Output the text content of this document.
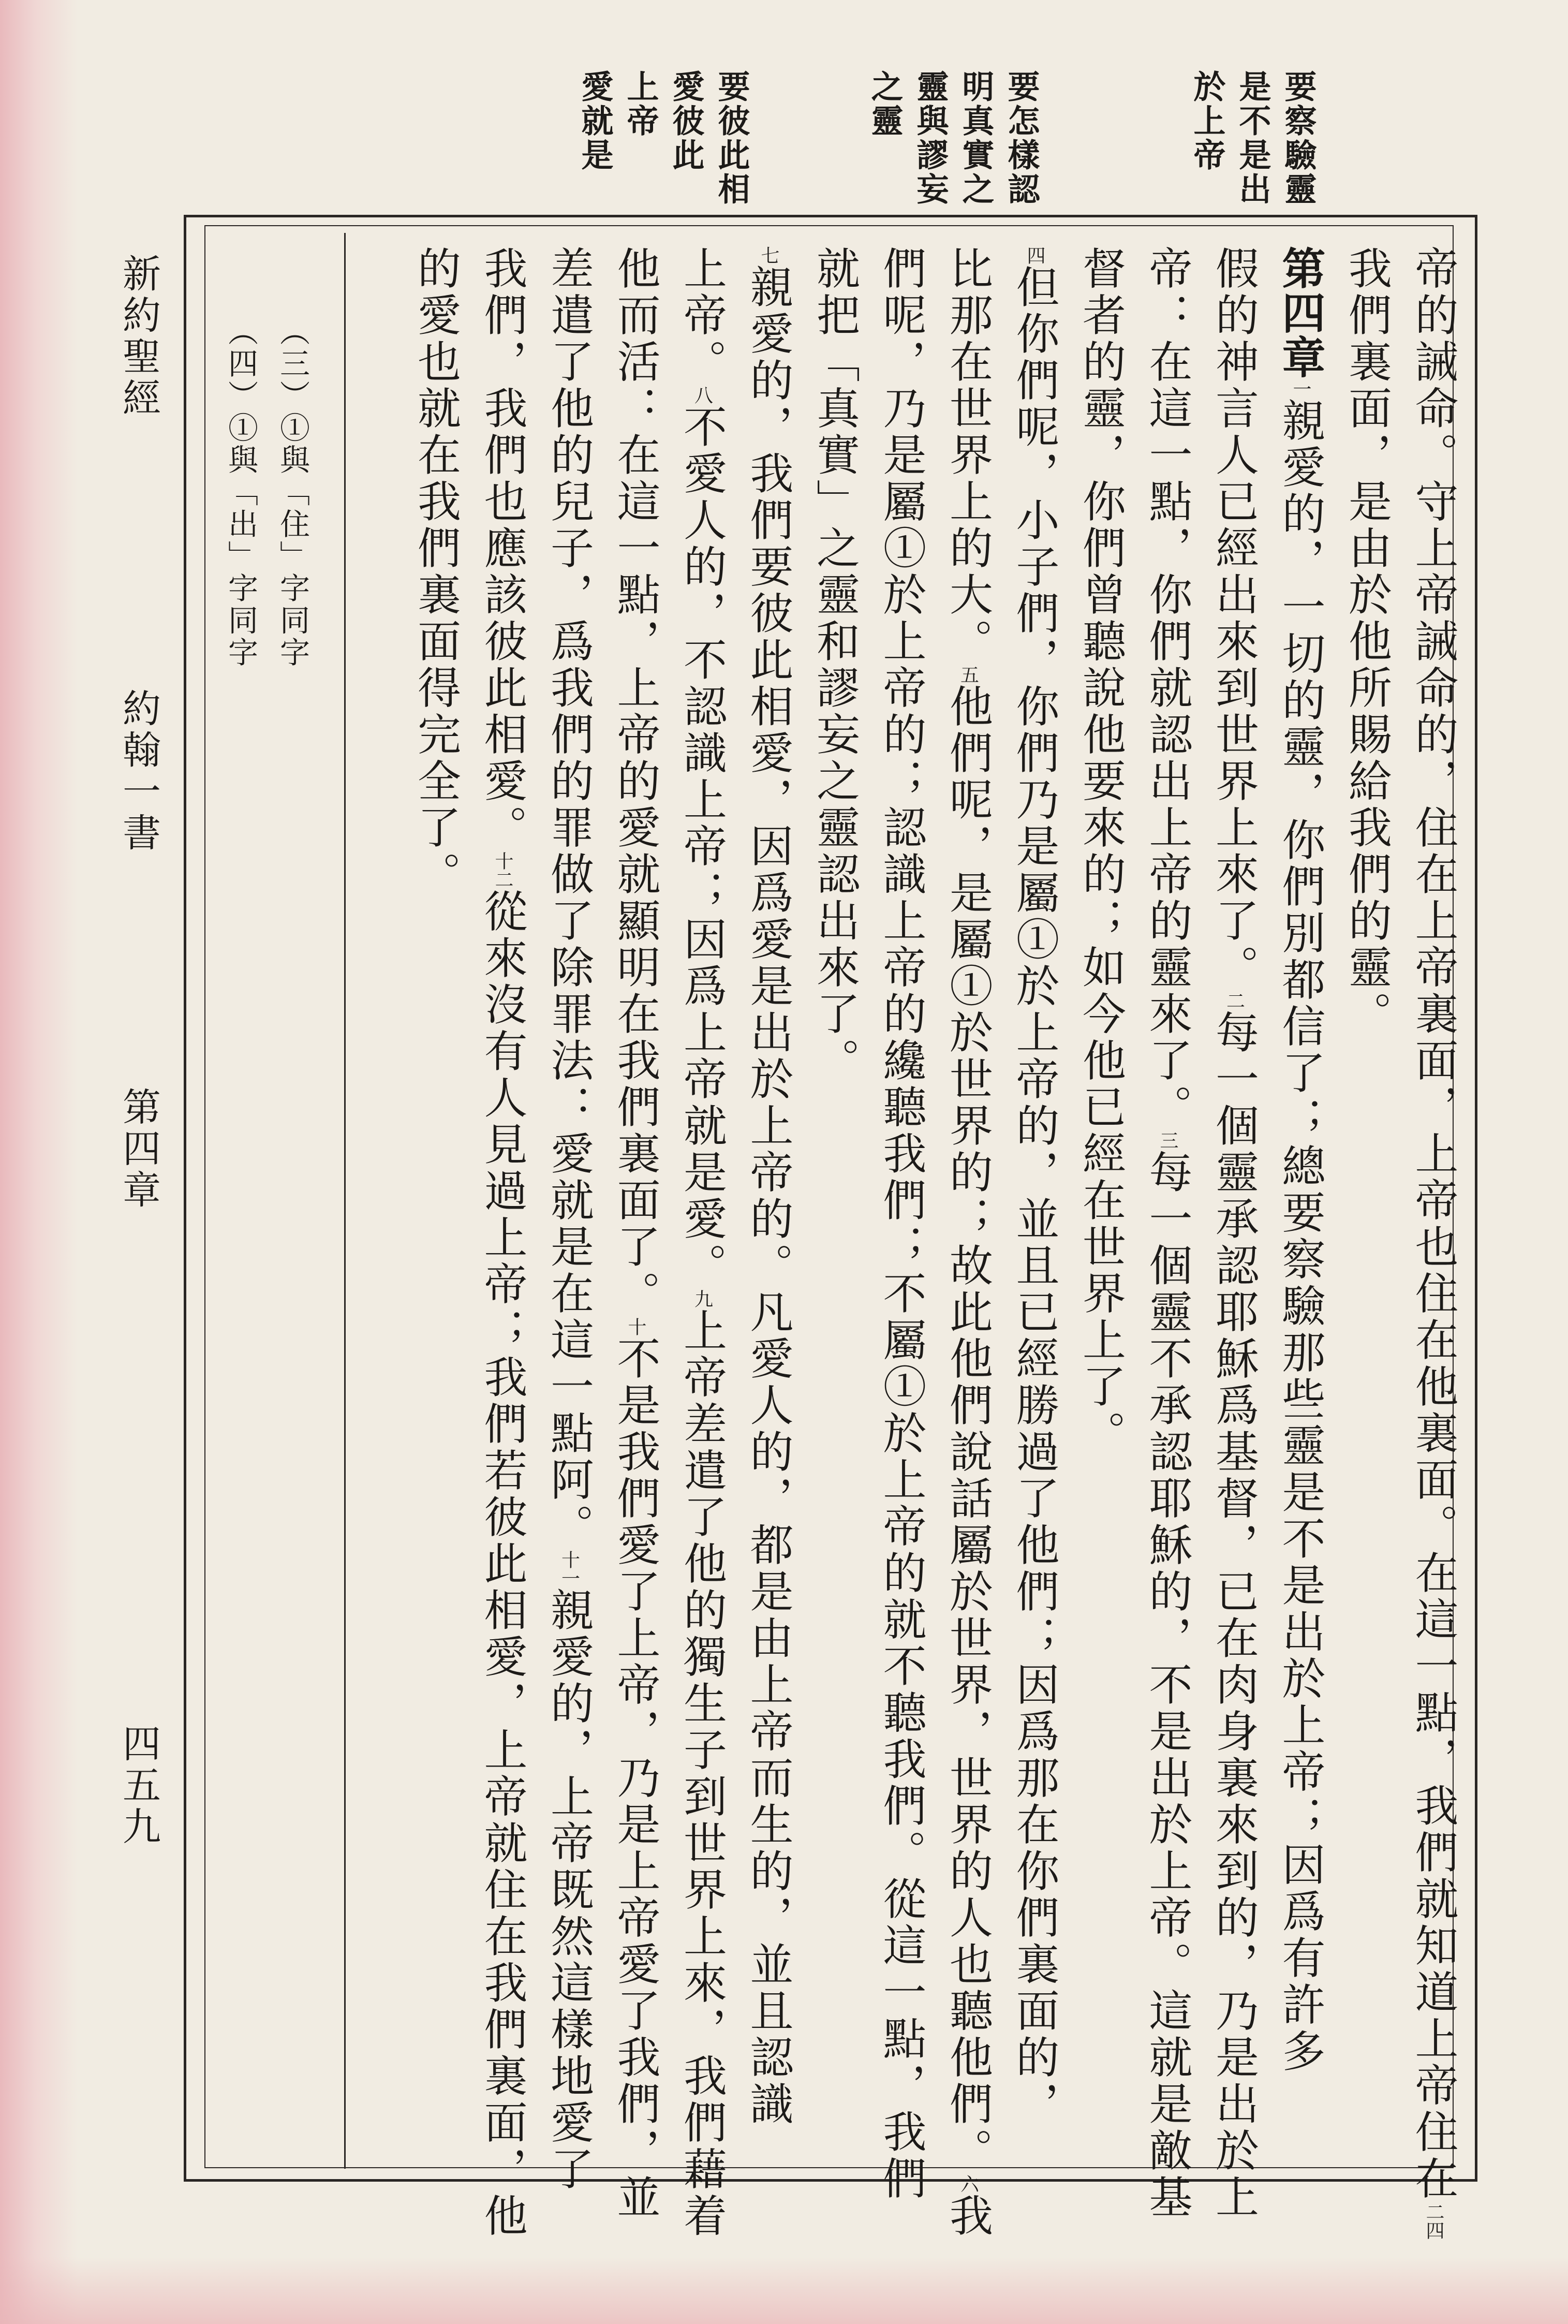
要察驗靈
是不是出
於上帝
要怎樣認
明真實之
靈與謬妄
之靈
要彼此相
愛彼此
上帝
愛就是
帝的誡命。守上帝誡命的，住在上帝裏面，上帝也住在他裏面。在這一點，我們就知道上帝住在二四
我們裏面，是由於他所賜給我們的靈。
第四章一親愛的，一切的靈，你們別都信了；總要察驗那些靈是不是出於上帝；因爲有許多
假的神言人已經出來到世界上來了。二每一個靈承認耶穌爲基督，已在肉身裏來到的，乃是出於上
帝：在這一點，你們就認出上帝的靈來了。三每一個靈不承認耶穌的，不是出於上帝。這就是敵基
督者的靈，你們曾聽說他要來的；如今他已經在世界上了。
四但你們呢，小子們，你們乃是屬①於上帝的，並且已經勝過了他們；因爲那在你們裏面的，
比那在世界上的大。五他們呢，是屬①於世界的；故此他們說話屬於世界，世界的人也聽他們。六我
們呢，乃是屬①於上帝的；認識上帝的纔聽我們；不屬①於上帝的就不聽我們。從這一點，我們
就把「真實」之靈和謬妄之靈認出來了。
七親愛的，我們要彼此相愛，因爲愛是出於上帝的。凡愛人的，都是由上帝而生的，並且認識
上帝。八不愛人的，不認識上帝；因爲上帝就是愛。九上帝差遣了他的獨生子到世界上來，我們藉着
他而活：在這一點，上帝的愛就顯明在我們裏面了。十不是我們愛了上帝，乃是上帝愛了我們，並
差遣了他的兒子，爲我們的罪做了除罪法：愛就是在這一點阿。十一親愛的，上帝既然這樣地愛了
我們，我們也應該彼此相愛。十二從來沒有人見過上帝；我們若彼此相愛，上帝就住在我們裏面，他
的愛也就在我們裏面得完全了。
（三）①與「住」字同字
（四）①與「出」字同字
新約聖經
約翰一書
第四章
四五九
